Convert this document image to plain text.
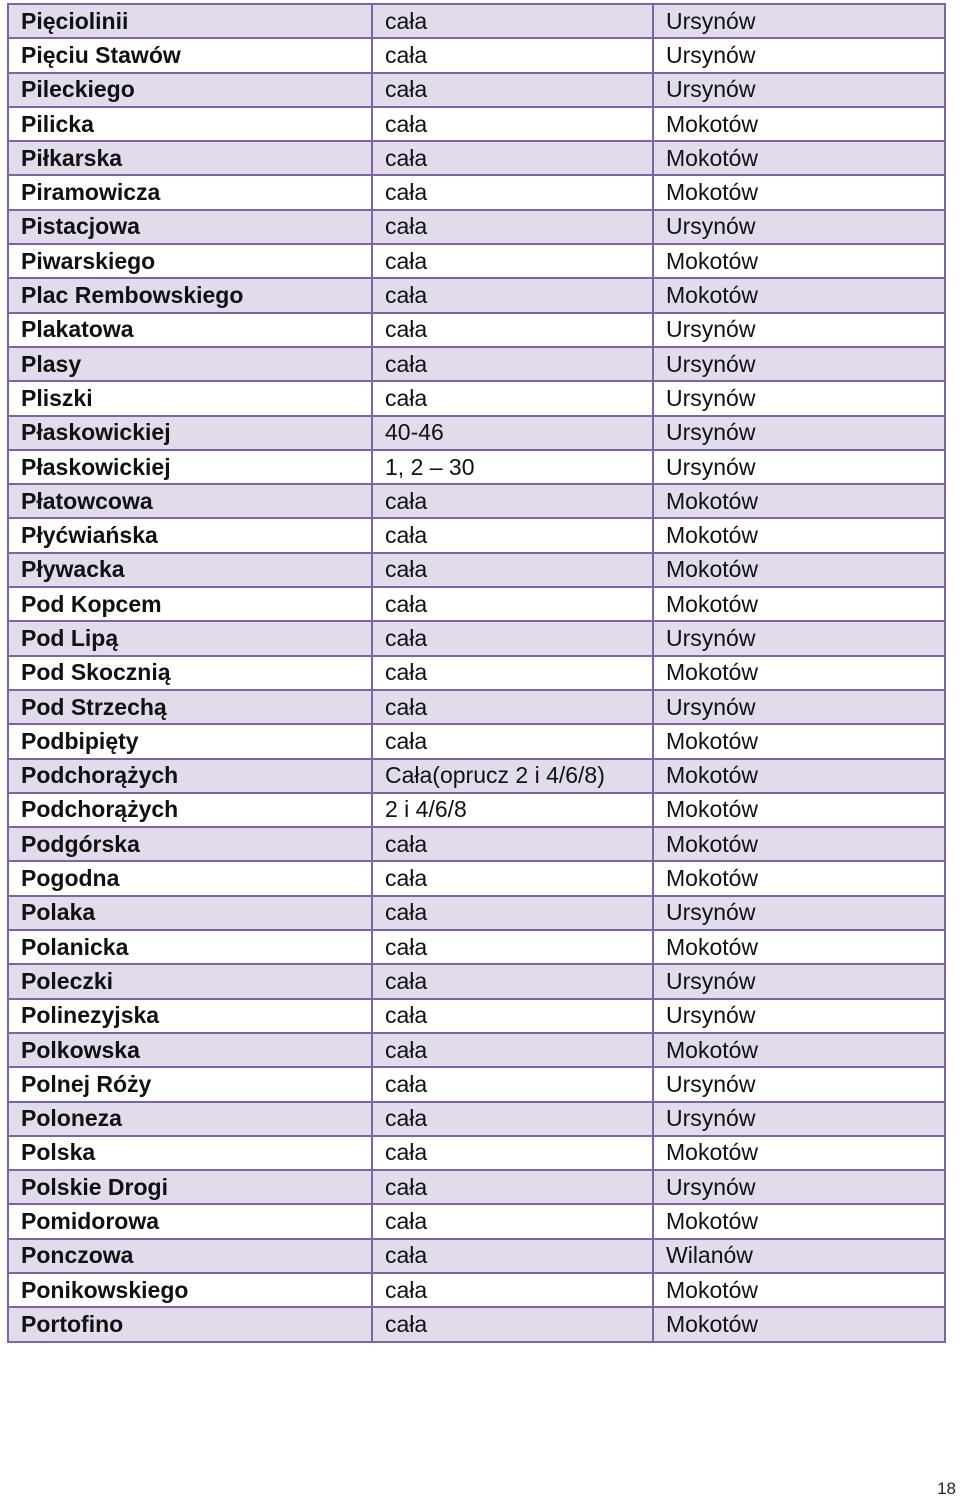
Pięciolinii	cała	Ursynów
Pięciu Stawów	cała	Ursynów
Pileckiego	cała	Ursynów
Pilicka	cała	Mokotów
Piłkarska	cała	Mokotów
Piramowicza	cała	Mokotów
Pistacjowa	cała	Ursynów
Piwarskiego	cała	Mokotów
Plac Rembowskiego	cała	Mokotów
Plakatowa	cała	Ursynów
Plasy	cała	Ursynów
Pliszki	cała	Ursynów
Płaskowickiej	40-46	Ursynów
Płaskowickiej	1, 2 – 30	Ursynów
Płatowcowa	cała	Mokotów
Płyćwiańska	cała	Mokotów
Pływacka	cała	Mokotów
Pod Kopcem	cała	Mokotów
Pod Lipą	cała	Ursynów
Pod Skocznią	cała	Mokotów
Pod Strzechą	cała	Ursynów
Podbipięty	cała	Mokotów
Podchorążych	Cała(oprucz 2 i 4/6/8)	Mokotów
Podchorążych	2 i 4/6/8	Mokotów
Podgórska	cała	Mokotów
Pogodna	cała	Mokotów
Polaka	cała	Ursynów
Polanicka	cała	Mokotów
Poleczki	cała	Ursynów
Polinezyjska	cała	Ursynów
Polkowska	cała	Mokotów
Polnej Róży	cała	Ursynów
Poloneza	cała	Ursynów
Polska	cała	Mokotów
Polskie Drogi	cała	Ursynów
Pomidorowa	cała	Mokotów
Ponczowa	cała	Wilanów
Ponikowskiego	cała	Mokotów
Portofino	cała	Mokotów
18
